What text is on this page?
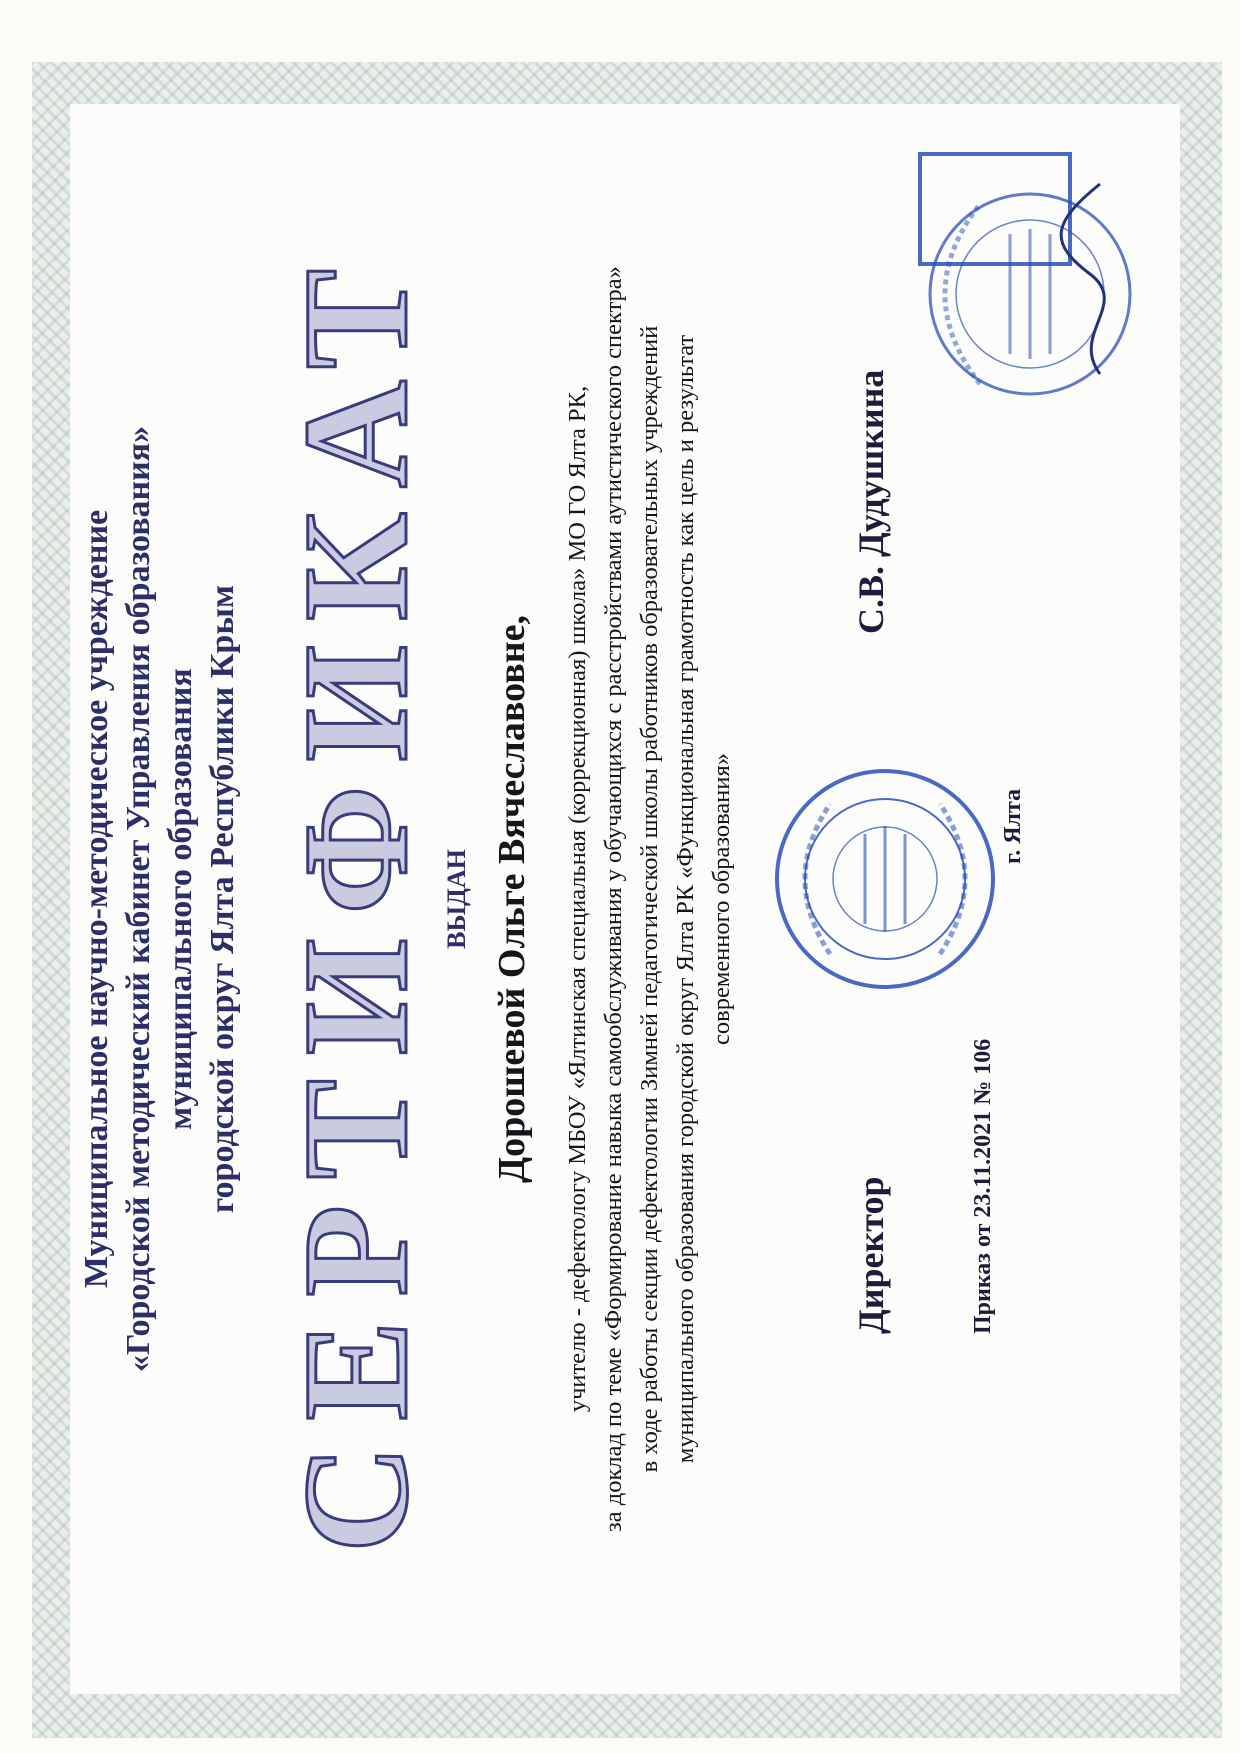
Муниципальное научно-методическое учреждение «Городской методический кабинет Управления образования» муниципального образования городской округ Ялта Республики Крым СЕРТИФИКАТ ВЫДАН Дорошевой Ольге Вячеславовне, учителю - дефектологу МБОУ «Ялтинская специальная (коррекционная) школа» МО ГО Ялта РК, за доклад по теме «Формирование навыка самообслуживания у обучающихся с расстройствами аутистического спектра» в ходе работы секции дефектологии Зимней педагогической школы работников образовательных учреждений муниципального образования городской округ Ялта РК «Функциональная грамотность как цель и результат современного образования»
Директор
С.В. Дудушкина
Приказ от 23.11.2021 № 106
г. Ялта
